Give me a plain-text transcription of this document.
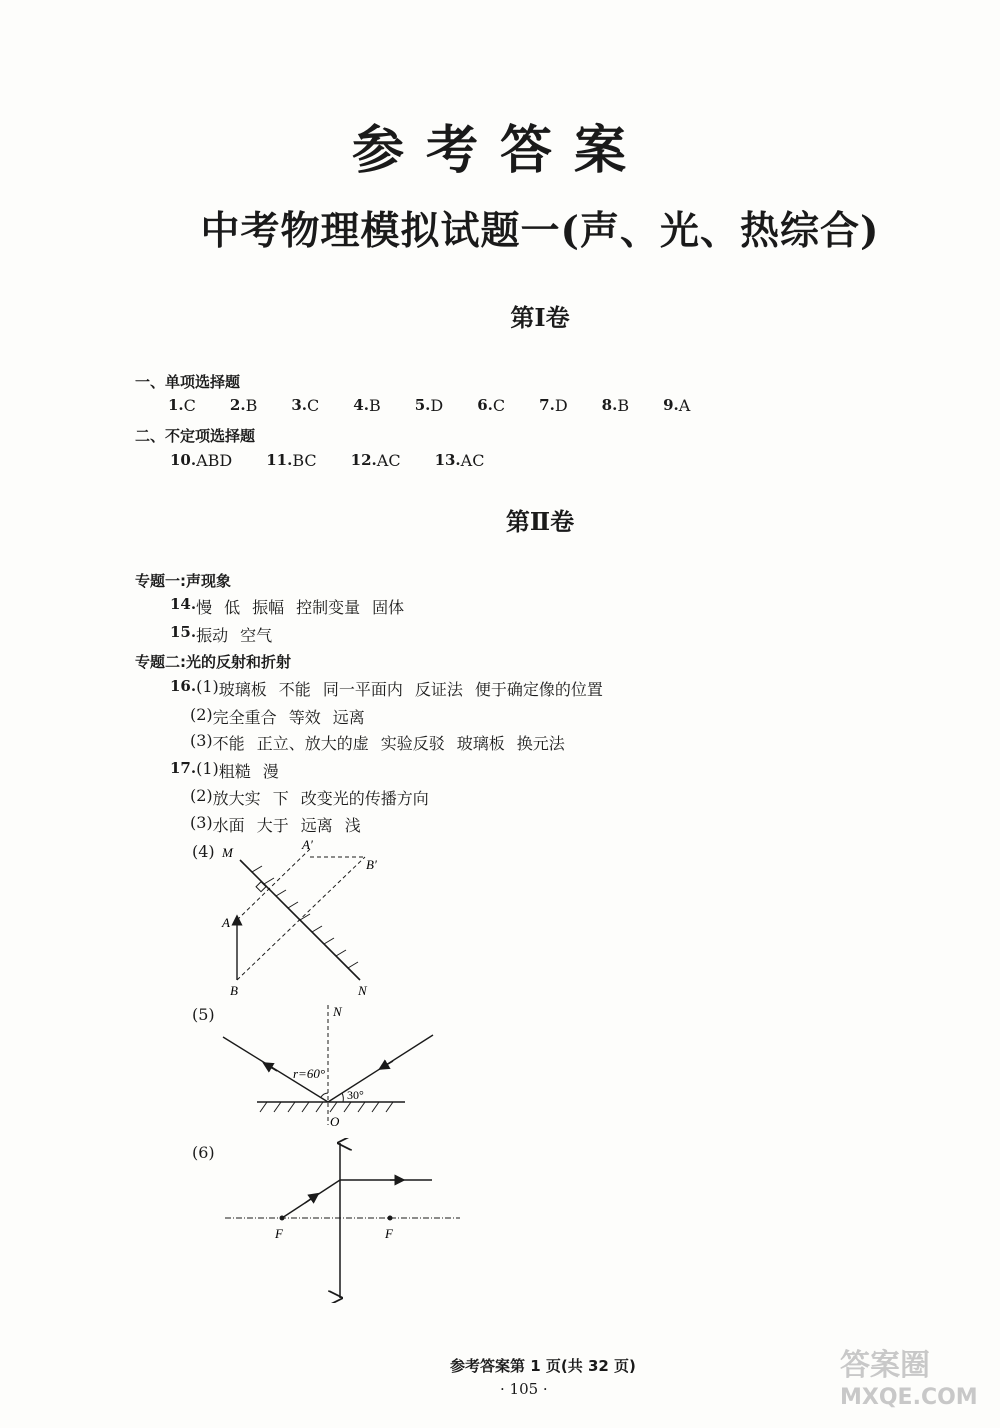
参考答案
中考物理模拟试题一(声、光、热综合)
第Ⅰ卷
一、单项选择题
1. C 2. B 3. C 4. B 5. D 6. C 7. D 8. B 9. A
二、不定项选择题
10. ABD 11. BC 12. AC 13. AC
第Ⅱ卷
专题一:声现象
14. 慢 低 振幅 控制变量 固体
15. 振动 空气
专题二:光的反射和折射
16. (1) 玻璃板 不能 同一平面内 反证法 便于确定像的位置
(2) 完全重合 等效 远离
(3) 不能 正立、放大的虚 实验反驳 玻璃板 换元法
17. (1) 粗糙 漫
(2) 放大实 下 改变光的传播方向
(3) 水面 大于 远离 浅
(4) M
N
A
B
A′
B′
(5)	N
O
r=60°
30°
(6)
F	F
参考答案第 1 页(共 32 页)
· 105 ·
答案圈
MXQE.COM
